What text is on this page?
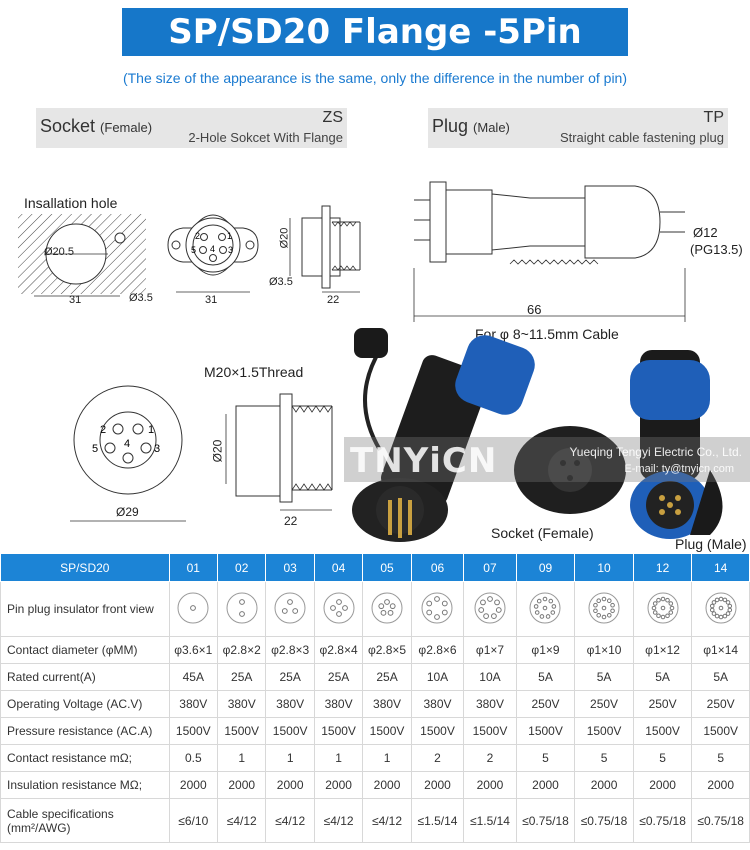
SP/SD20 Flange -5Pin
(The size of the appearance is the same, only the difference in the number of pin)
Socket (Female)
ZS
2-Hole Sokcet With Flange
Plug (Male)
TP
Straight cable fastening plug
Insallation hole
Ø20.5
31	Ø3.5
2	1
5	3
4
31
Ø3.5
Ø20
22
Ø12
(PG13.5)
66
For φ 8~11.5mm Cable
M20×1.5Thread
2	1
5	3
4
Ø29
Ø20
22
TNYiCN	Yueqing Tengyi Electric Co., Ltd.
E-mail: ty@tnyicn.com
Socket (Female)
Plug (Male)
SP/SD20	01	02	03	04	05	06	07	09	10	12	14
Pin plug insulator front view											
Contact diameter (φMM)	φ3.6×1	φ2.8×2	φ2.8×3	φ2.8×4	φ2.8×5	φ2.8×6	φ1×7	φ1×9	φ1×10	φ1×12	φ1×14
Rated current(A)	45A	25A	25A	25A	25A	10A	10A	5A	5A	5A	5A
Operating Voltage (AC.V)	380V	380V	380V	380V	380V	380V	380V	250V	250V	250V	250V
Pressure resistance (AC.A)	1500V	1500V	1500V	1500V	1500V	1500V	1500V	1500V	1500V	1500V	1500V
Contact resistance mΩ;	0.5	1	1	1	1	2	2	5	5	5	5
Insulation resistance MΩ;	2000	2000	2000	2000	2000	2000	2000	2000	2000	2000	2000
Cable specifications (mm²/AWG)	≤6/10	≤4/12	≤4/12	≤4/12	≤4/12	≤1.5/14	≤1.5/14	≤0.75/18	≤0.75/18	≤0.75/18	≤0.75/18
